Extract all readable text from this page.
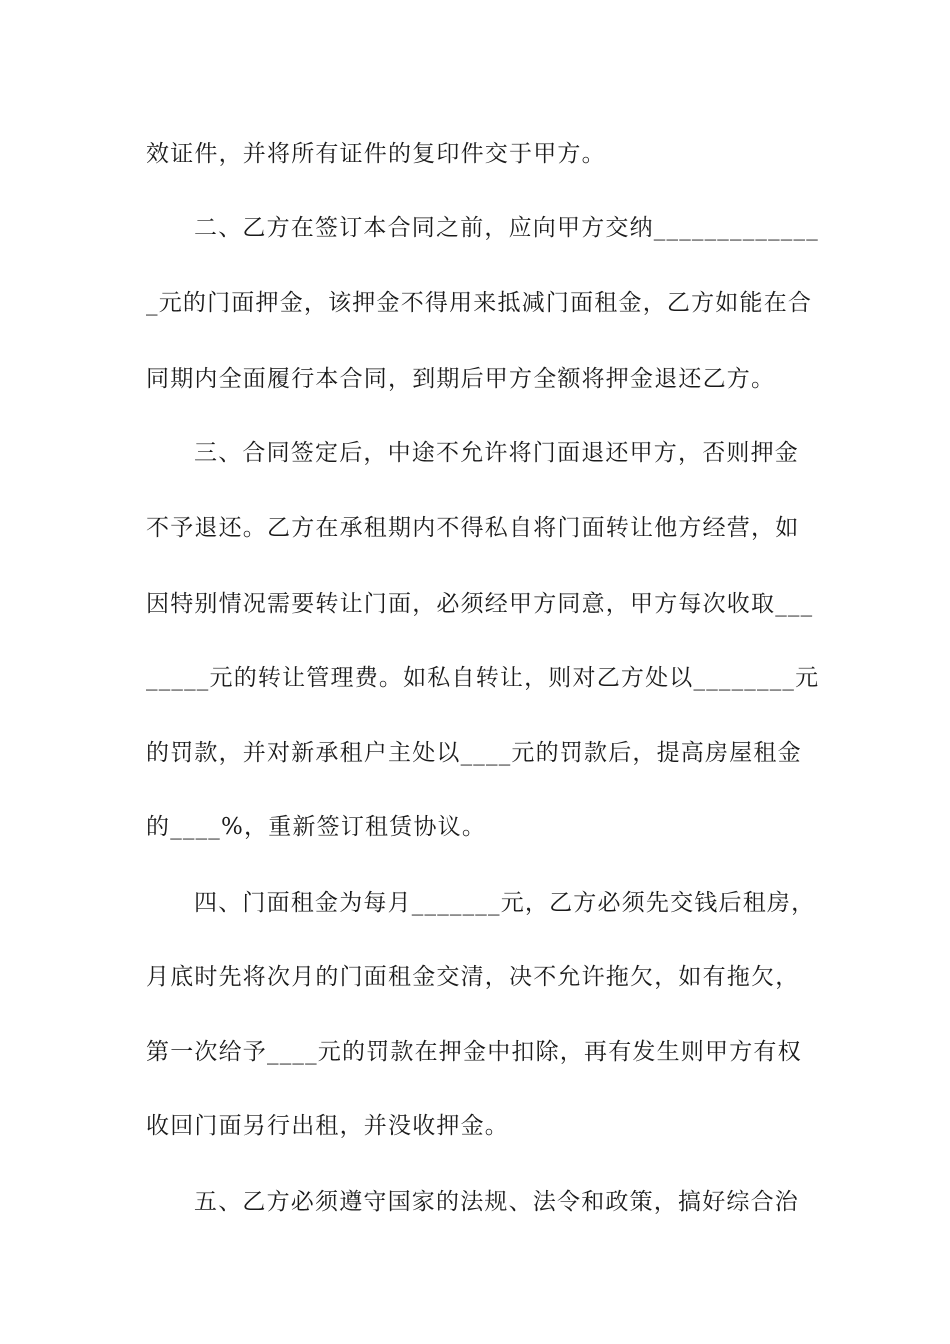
效证件，并将所有证件的复印件交于甲方。
二、乙方在签订本合同之前，应向甲方交纳_____________
_元的门面押金，该押金不得用来抵减门面租金，乙方如能在合
同期内全面履行本合同，到期后甲方全额将押金退还乙方。
三、合同签定后，中途不允许将门面退还甲方，否则押金
不予退还。乙方在承租期内不得私自将门面转让他方经营，如
因特别情况需要转让门面，必须经甲方同意，甲方每次收取___
_____元的转让管理费。如私自转让，则对乙方处以________元
的罚款，并对新承租户主处以____元的罚款后，提高房屋租金
的____%，重新签订租赁协议。
四、门面租金为每月_______元，乙方必须先交钱后租房，
月底时先将次月的门面租金交清，决不允许拖欠，如有拖欠，
第一次给予____元的罚款在押金中扣除，再有发生则甲方有权
收回门面另行出租，并没收押金。
五、乙方必须遵守国家的法规、法令和政策，搞好综合治
